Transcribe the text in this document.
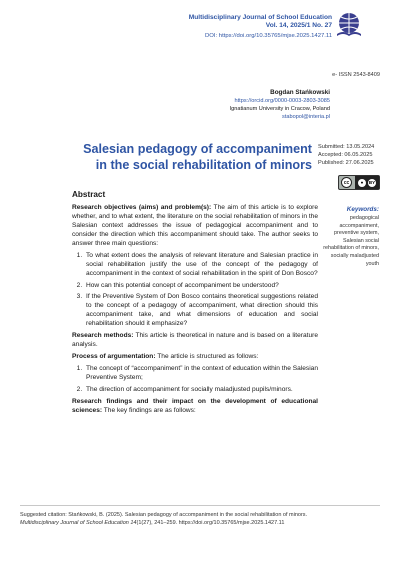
Multidisciplinary Journal of School Education
Vol. 14, 2025/1 No. 27
DOI: https://doi.org/10.35765/mjse.2025.1427.11
e- ISSN 2543-8409
Bogdan Stańkowski
https://orcid.org/0000-0003-2803-3085
Ignatianum University in Cracow, Poland
stabopol@interia.pl
Salesian pedagogy of accompaniment
in the social rehabilitation of minors
Submitted: 13.05.2024
Accepted: 06.05.2025
Published: 27.06.2025
cc	●	BY
Keywords:
pedagogical accompaniment, preventive system, Salesian social rehabilitation of minors, socially maladjusted youth
Abstract

Research objectives (aims) and problem(s): The aim of this article is to explore whether, and to what extent, the literature on the social rehabilitation of minors in the Salesian context addresses the issue of pedagogical accompaniment and to consider the direction which this accompaniment should take. The author seeks to answer three main questions:

1. To what extent does the analysis of relevant literature and Salesian practice in social rehabilitation justify the use of the concept of the pedagogy of accompaniment in the context of social rehabilitation in the spirit of Don Bosco?
2. How can this potential concept of accompaniment be understood?
3. If the Preventive System of Don Bosco contains theoretical suggestions related to the concept of a pedagogy of accompaniment, what direction should this accompaniment take, and what dimensions of education and social rehabilitation should it emphasize?

Research methods: This article is theoretical in nature and is based on a literature analysis.

Process of argumentation: The article is structured as follows:

1. The concept of “accompaniment” in the context of education within the Salesian Preventive System;
2. The direction of accompaniment for socially maladjusted pupils/minors.

Research findings and their impact on the development of educational sciences: The key findings are as follows:

Suggested citation: Stańkowski, B. (2025). Salesian pedagogy of accompaniment in the social rehabilitation of minors.
Multidisciplinary Journal of School Education 14(1(27), 241–259. https://doi.org/10.35765/mjse.2025.1427.11
